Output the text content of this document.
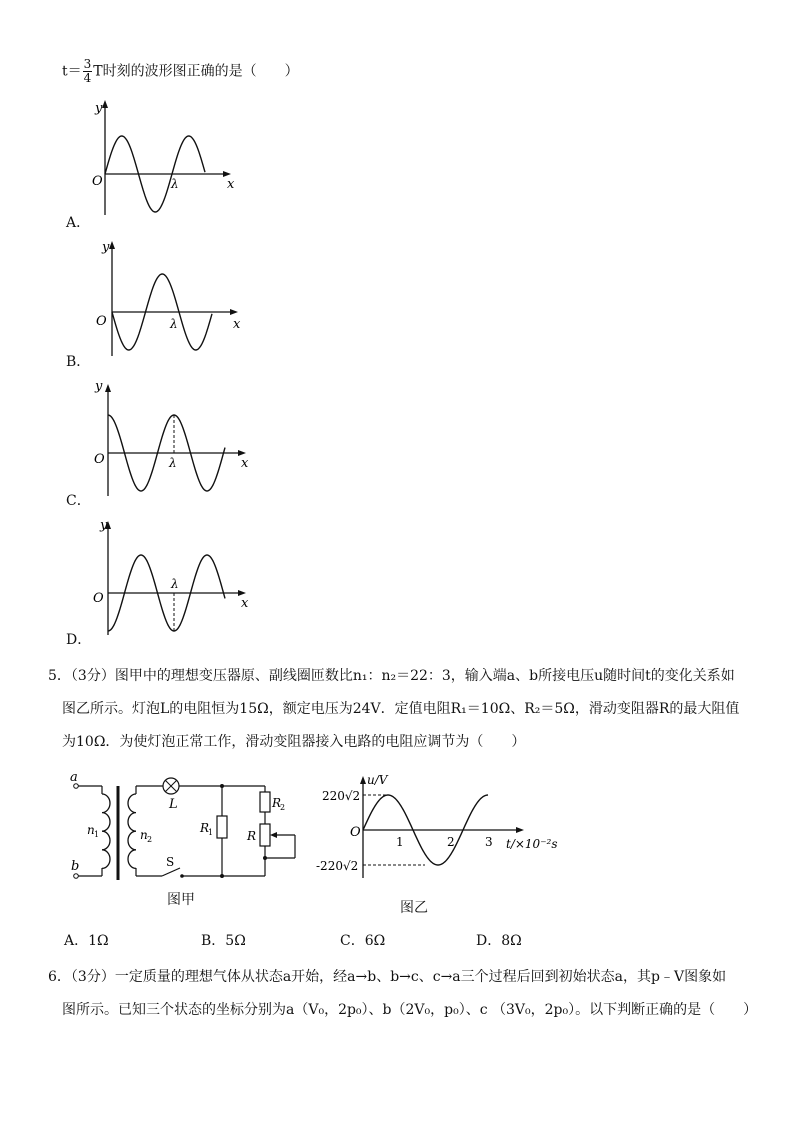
$t= \frac{3}{4}$ T时刻的波形图正确的是（　　）
y
x
O	λ
A．
y
x
O	λ
B．
y
x
O	λ
C．
y
x
O
λ
D．
5．（3分）图甲中的理想变压器原、副线圈匝数比n₁：n₂＝22：3，输入端a、b所接电压u随时间t的变化关系如
图乙所示。灯泡L的电阻恒为15Ω，额定电压为24V．定值电阻R₁＝10Ω、R₂＝5Ω，滑动变阻器R的最大阻值
为10Ω．为使灯泡正常工作，滑动变阻器接入电路的电阻应调节为（　　）
a
b
n 1	n 2
L
S
R
1
R
2
R
图甲
u/V
O
220√2
-220√2
1	2	3 t/×10⁻²s
图乙
A．1Ω	B．5Ω	C．6Ω	D．8Ω
6．（3分）一定质量的理想气体从状态a开始，经a→b、b→c、c→a三个过程后回到初始状态a，其p﹣V图象如
图所示。已知三个状态的坐标分别为a（V₀，2p₀）、b（2V₀，p₀）、c （3V₀，2p₀）。以下判断正确的是（　　）
